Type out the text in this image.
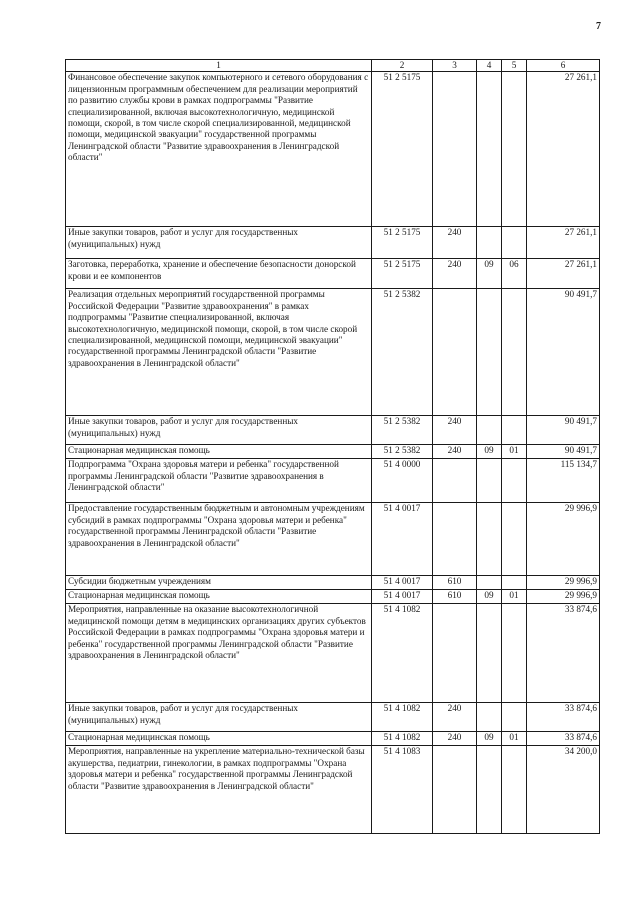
7
1	2	3	4	5	6
Финансовое обеспечение закупок компьютерного и сетевого оборудования с лицензионным программным обеспечением для реализации мероприятий по развитию службы крови в рамках подпрограммы "Развитие специализированной, включая высокотехнологичную, медицинской помощи, скорой, в том числе скорой специализированной, медицинской помощи, медицинской эвакуации" государственной программы Ленинградской области "Развитие здравоохранения в Ленинградской области"	51 2 5175				27 261,1
Иные закупки товаров, работ и услуг для государственных (муниципальных) нужд	51 2 5175	240			27 261,1
Заготовка, переработка, хранение и обеспечение безопасности донорской крови и ее компонентов	51 2 5175	240	09	06	27 261,1
Реализация отдельных мероприятий государственной программы Российской Федерации "Развитие здравоохранения" в рамках подпрограммы "Развитие специализированной, включая высокотехнологичную, медицинской помощи, скорой, в том числе скорой специализированной, медицинской помощи, медицинской эвакуации" государственной программы Ленинградской области "Развитие здравоохранения в Ленинградской области"	51 2 5382				90 491,7
Иные закупки товаров, работ и услуг для государственных (муниципальных) нужд	51 2 5382	240			90 491,7
Стационарная медицинская помощь	51 2 5382	240	09	01	90 491,7
Подпрограмма "Охрана здоровья матери и ребенка" государственной программы Ленинградской области "Развитие здравоохранения в Ленинградской области"	51 4 0000				115 134,7
Предоставление государственным бюджетным и автономным учреждениям субсидий в рамках подпрограммы "Охрана здоровья матери и ребенка" государственной программы Ленинградской области "Развитие здравоохранения в Ленинградской области"	51 4 0017				29 996,9
Субсидии бюджетным учреждениям	51 4 0017	610			29 996,9
Стационарная медицинская помощь	51 4 0017	610	09	01	29 996,9
Мероприятия, направленные на оказание высокотехнологичной медицинской помощи детям в медицинских организациях других субъектов Российской Федерации в рамках подпрограммы "Охрана здоровья матери и ребенка" государственной программы Ленинградской области "Развитие здравоохранения в Ленинградской области"	51 4 1082				33 874,6
Иные закупки товаров, работ и услуг для государственных (муниципальных) нужд	51 4 1082	240			33 874,6
Стационарная медицинская помощь	51 4 1082	240	09	01	33 874,6
Мероприятия, направленные на укрепление материально-технической базы акушерства, педиатрии, гинекологии, в рамках подпрограммы "Охрана здоровья матери и ребенка" государственной программы Ленинградской области "Развитие здравоохранения в Ленинградской области"	51 4 1083				34 200,0
